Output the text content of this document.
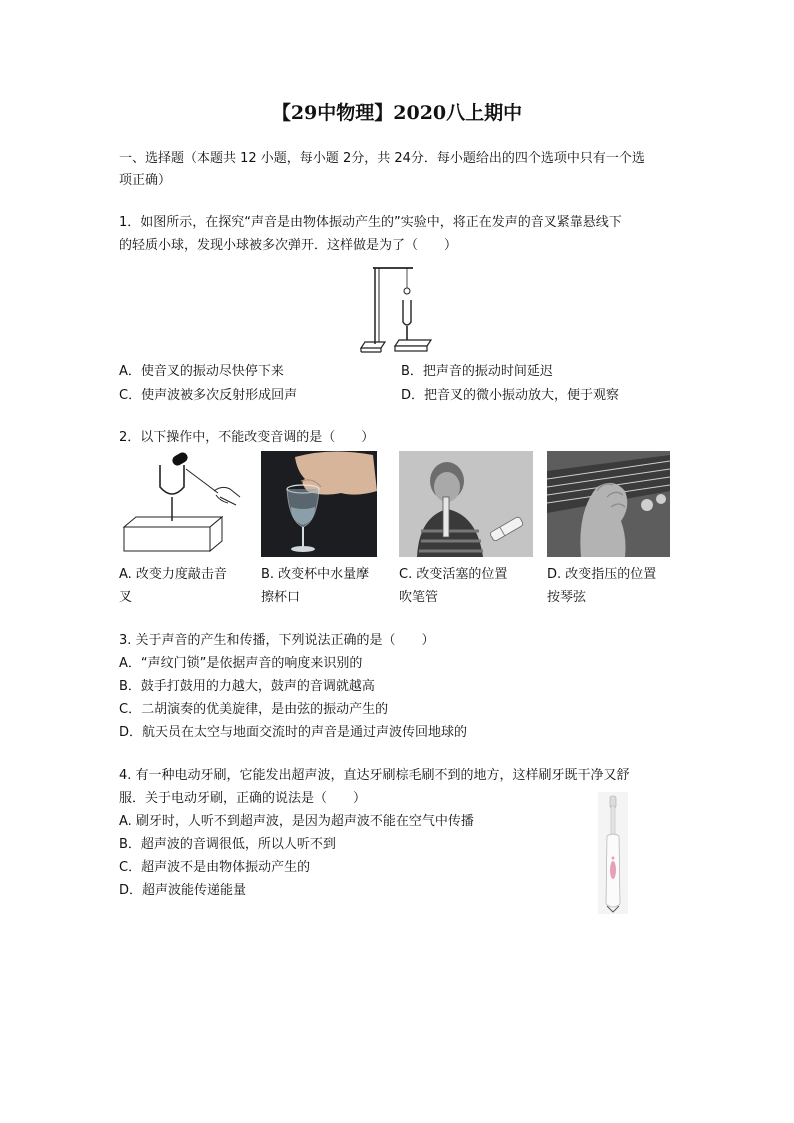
【29中物理】2020八上期中
一、选择题（本题共 12 小题，每小题 2分，共 24分．每小题给出的四个选项中只有一个选
项正确）
1．如图所示，在探究“声音是由物体振动产生的”实验中，将正在发声的音叉紧靠悬线下
的轻质小球，发现小球被多次弹开．这样做是为了（　　）
A．使音叉的振动尽快停下来	B．把声音的振动时间延迟
C．使声波被多次反射形成回声	D．把音叉的微小振动放大，便于观察
2．以下操作中，不能改变音调的是（　　）
A. 改变力度敲击音
叉
B. 改变杯中水量摩
擦杯口
C. 改变活塞的位置
吹笔管
D. 改变指压的位置
按琴弦
3. 关于声音的产生和传播，下列说法正确的是（　　）
A．“声纹门锁”是依据声音的响度来识别的
B．鼓手打鼓用的力越大，鼓声的音调就越高
C．二胡演奏的优美旋律，是由弦的振动产生的
D．航天员在太空与地面交流时的声音是通过声波传回地球的
4. 有一种电动牙刷，它能发出超声波，直达牙刷棕毛刷不到的地方，这样刷牙既干净又舒
服．关于电动牙刷，正确的说法是（　　）
A. 刷牙时，人听不到超声波，是因为超声波不能在空气中传播
B．超声波的音调很低，所以人听不到
C．超声波不是由物体振动产生的
D．超声波能传递能量
